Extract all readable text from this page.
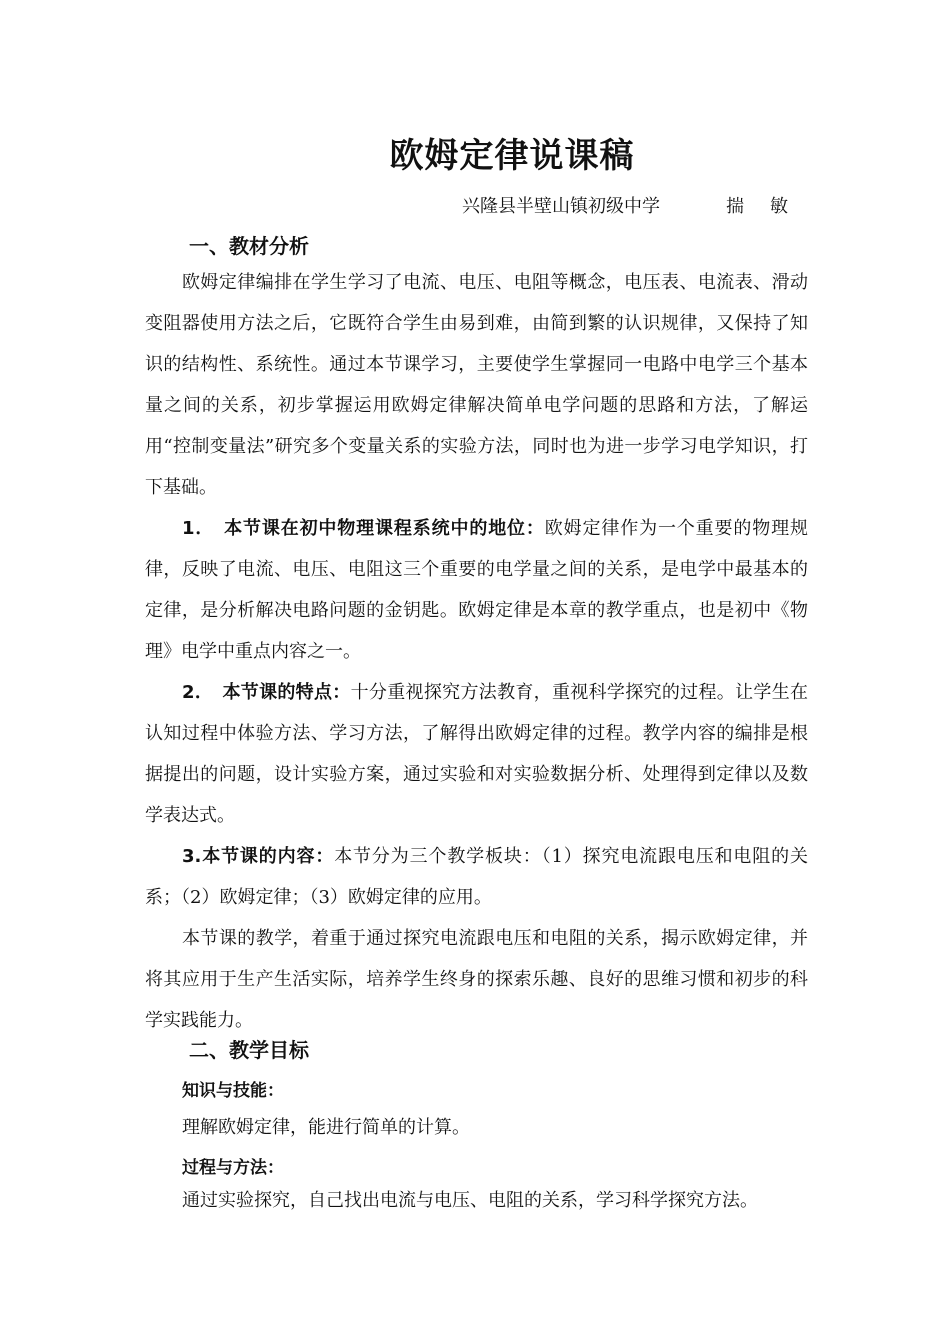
欧姆定律说课稿
兴隆县半壁山镇初级中学	揣敏
一、教材分析

欧姆定律编排在学生学习了电流、电压、电阻等概念，电压表、电流表、滑动变阻器使用方法之后，它既符合学生由易到难，由简到繁的认识规律，又保持了知识的结构性、系统性。通过本节课学习，主要使学生掌握同一电路中电学三个基本量之间的关系，初步掌握运用欧姆定律解决简单电学问题的思路和方法，了解运用“控制变量法”研究多个变量关系的实验方法，同时也为进一步学习电学知识，打下基础。

1．　本节课在初中物理课程系统中的地位：欧姆定律作为一个重要的物理规律，反映了电流、电压、电阻这三个重要的电学量之间的关系，是电学中最基本的定律，是分析解决电路问题的金钥匙。欧姆定律是本章的教学重点，也是初中《物理》电学中重点内容之一。

2．　本节课的特点：十分重视探究方法教育，重视科学探究的过程。让学生在认知过程中体验方法、学习方法，了解得出欧姆定律的过程。教学内容的编排是根据提出的问题，设计实验方案，通过实验和对实验数据分析、处理得到定律以及数学表达式。

3.本节课的内容：本节分为三个教学板块：（1）探究电流跟电压和电阻的关系；（2）欧姆定律；（3）欧姆定律的应用。

本节课的教学，着重于通过探究电流跟电压和电阻的关系，揭示欧姆定律，并将其应用于生产生活实际，培养学生终身的探索乐趣、良好的思维习惯和初步的科学实践能力。

二、教学目标
知识与技能：
理解欧姆定律，能进行简单的计算。
过程与方法：
通过实验探究，自己找出电流与电压、电阻的关系，学习科学探究方法。
